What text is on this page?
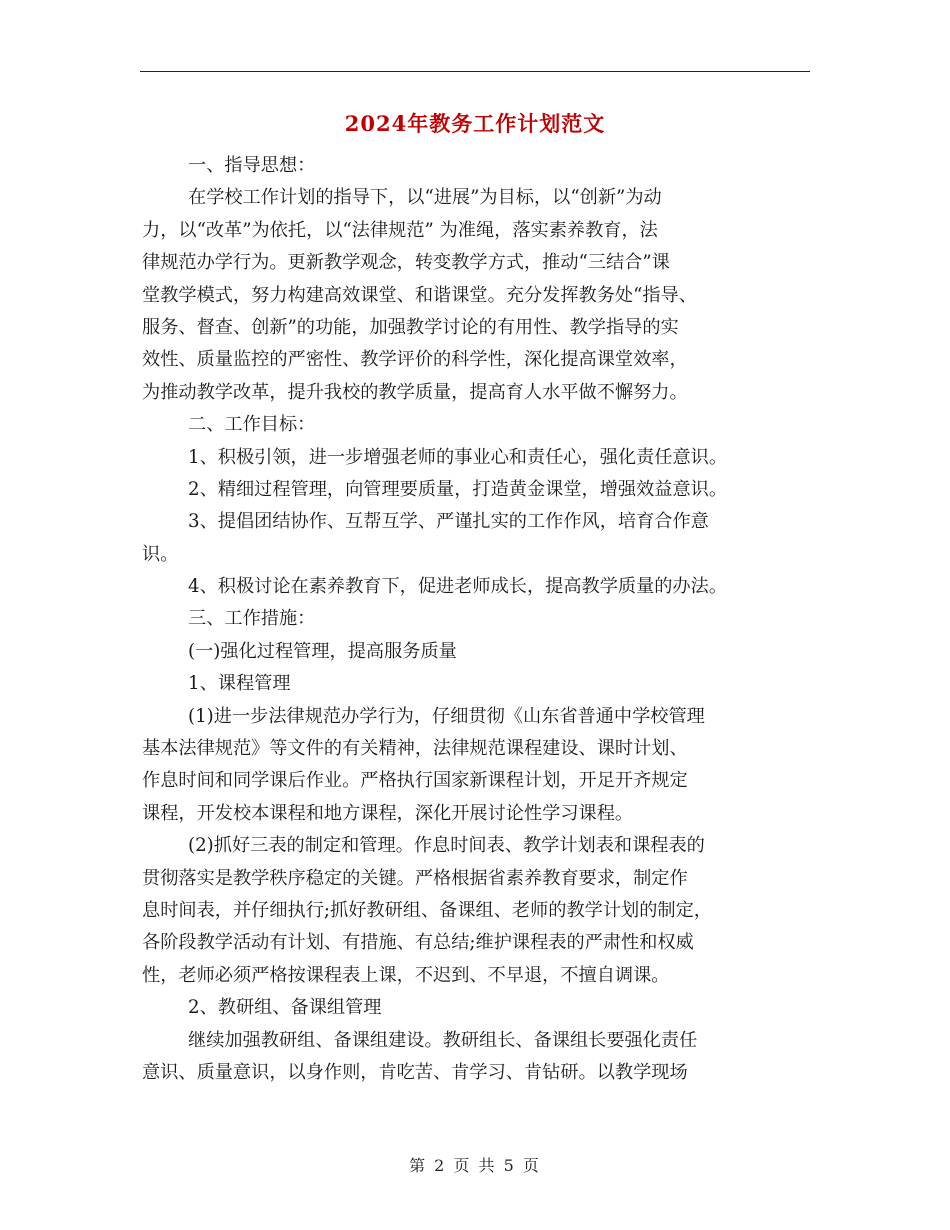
2024年教务工作计划范文
一、指导思想：
在学校工作计划的指导下，以“进展”为目标，以“创新”为动
力，以“改革”为依托，以“法律规范” 为准绳，落实素养教育，法
律规范办学行为。更新教学观念，转变教学方式，推动“三结合”课
堂教学模式，努力构建高效课堂、和谐课堂。充分发挥教务处“指导、
服务、督查、创新”的功能，加强教学讨论的有用性、教学指导的实
效性、质量监控的严密性、教学评价的科学性，深化提高课堂效率，
为推动教学改革，提升我校的教学质量，提高育人水平做不懈努力。
二、工作目标：
1、积极引领，进一步增强老师的事业心和责任心，强化责任意识。
2、精细过程管理，向管理要质量，打造黄金课堂，增强效益意识。
3、提倡团结协作、互帮互学、严谨扎实的工作作风，培育合作意
识。
4、积极讨论在素养教育下，促进老师成长，提高教学质量的办法。
三、工作措施：
(一)强化过程管理，提高服务质量
1、课程管理
(1)进一步法律规范办学行为，仔细贯彻《山东省普通中学校管理
基本法律规范》等文件的有关精神，法律规范课程建设、课时计划、
作息时间和同学课后作业。严格执行国家新课程计划，开足开齐规定
课程，开发校本课程和地方课程，深化开展讨论性学习课程。
(2)抓好三表的制定和管理。作息时间表、教学计划表和课程表的
贯彻落实是教学秩序稳定的关键。严格根据省素养教育要求，制定作
息时间表，并仔细执行;抓好教研组、备课组、老师的教学计划的制定，
各阶段教学活动有计划、有措施、有总结;维护课程表的严肃性和权威
性，老师必须严格按课程表上课，不迟到、不早退，不擅自调课。
2、教研组、备课组管理
继续加强教研组、备课组建设。教研组长、备课组长要强化责任
意识、质量意识，以身作则，肯吃苦、肯学习、肯钻研。以教学现场
第 2 页 共 5 页
